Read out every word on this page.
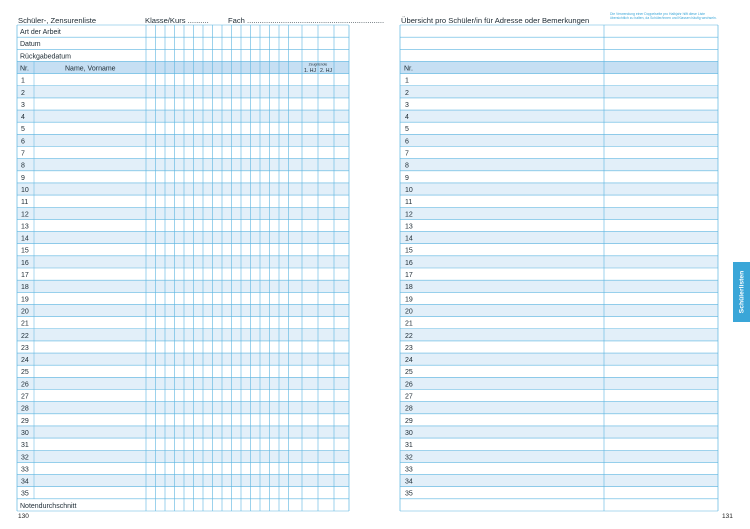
Schüler-, Zensurenliste	Klasse/Kurs ..........	Fach .................................................................
Art der Arbeit
Datum
Rückgabedatum
Nr.	Name, Vorname
Zeugnisnote
1. HJ 2. HJ
1
2
3
4
5
6
7
8
9
10
11
12
13
14
15
16
17
18
19
20
21
22
23
24
25
26
27
28
29
30
31
32
33
34
35
Notendurchschnitt
130
Übersicht pro Schüler/in für Adresse oder Bemerkungen
Die Verwendung einer Doppelseite pro Halbjahr hilft diese Liste übersichtlich zu halten, da Schüler/innen und Klassen häufig wechseln.
Nr.
1
2
3
4
5
6
7
8
9
10
11
12
13
14
15
16
17
18
19
20
21
22
23
24
25
26
27
28
29
30
31
32
33
34
35
131
Schülerlisten
